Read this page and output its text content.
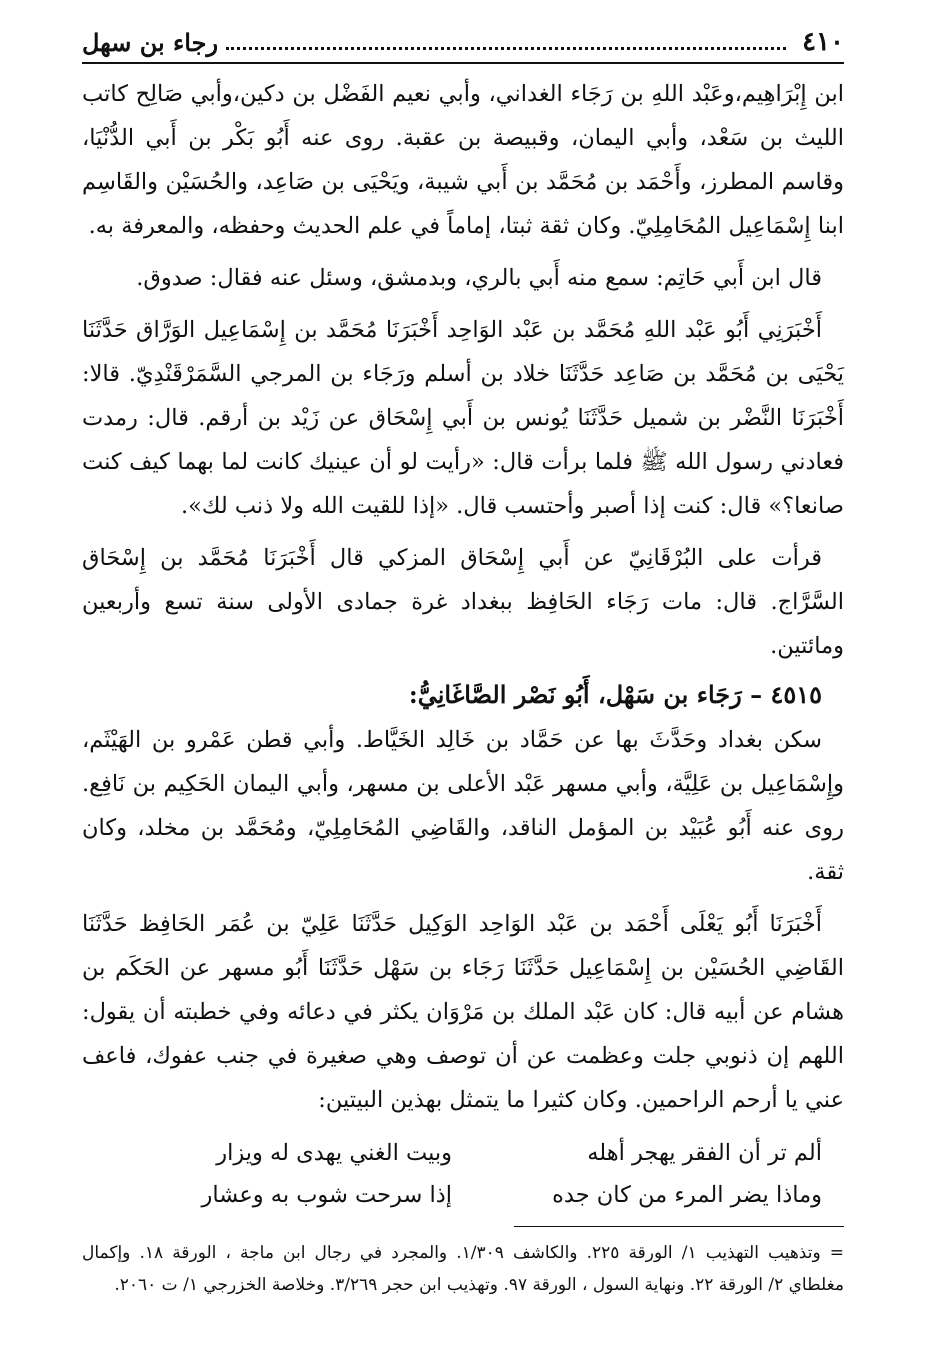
٤١٠
رجاء بن سهل

ابن إِبْرَاهِيم،وعَبْد اللهِ بن رَجَاء الغداني، وأبي نعيم الفَضْل بن دكين،وأبي صَالِح كاتب الليث بن سَعْد، وأبي اليمان، وقبيصة بن عقبة. روى عنه أَبُو بَكْر بن أَبي الدُّنْيَا، وقاسم المطرز، وأَحْمَد بن مُحَمَّد بن أَبي شيبة، ويَحْيَى بن صَاعِد، والحُسَيْن والقَاسِم ابنا إِسْمَاعِيل المُحَامِلِيّ. وكان ثقة ثبتا، إماماً في علم الحديث وحفظه، والمعرفة به.

قال ابن أَبي حَاتِم: سمع منه أَبي بالري، وبدمشق، وسئل عنه فقال: صدوق.

أَخْبَرَنِي أَبُو عَبْد اللهِ مُحَمَّد بن عَبْد الوَاحِد أَخْبَرَنَا مُحَمَّد بن إِسْمَاعِيل الوَرَّاق حَدَّثَنَا يَحْيَى بن مُحَمَّد بن صَاعِد حَدَّثَنَا خلاد بن أسلم ورَجَاء بن المرجي السَّمَرْقَنْدِيّ. قالا: أَخْبَرَنَا النَّضْر بن شميل حَدَّثَنَا يُونس بن أَبي إِسْحَاق عن زَيْد بن أرقم. قال: رمدت فعادني رسول الله ﷺ فلما برأت قال: «رأيت لو أن عينيك كانت لما بهما كيف كنت صانعا؟» قال: كنت إذا أصبر وأحتسب قال. «إذا للقيت الله ولا ذنب لك».

قرأت على البُرْقَانِيّ عن أَبي إِسْحَاق المزكي قال أَخْبَرَنَا مُحَمَّد بن إِسْحَاق السَّرَّاج. قال: مات رَجَاء الحَافِظ ببغداد غرة جمادى الأولى سنة تسع وأربعين ومائتين.

٤٥١٥ – رَجَاء بن سَهْل، أَبُو نَصْر الصَّاغَانِيُّ:

سكن بغداد وحَدَّثَ بها عن حَمَّاد بن خَالِد الخَيَّاط. وأبي قطن عَمْرو بن الهَيْثَم، وإِسْمَاعِيل بن عَلِيَّة، وأبي مسهر عَبْد الأعلى بن مسهر، وأبي اليمان الحَكِيم بن نَافِع. روى عنه أَبُو عُبَيْد بن المؤمل الناقد، والقَاضِي المُحَامِلِيّ، ومُحَمَّد بن مخلد، وكان ثقة.

أَخْبَرَنَا أَبُو يَعْلَى أَحْمَد بن عَبْد الوَاحِد الوَكِيل حَدَّثَنَا عَلِيّ بن عُمَر الحَافِظ حَدَّثَنَا القَاضِي الحُسَيْن بن إِسْمَاعِيل حَدَّثَنَا رَجَاء بن سَهْل حَدَّثَنَا أَبُو مسهر عن الحَكَم بن هشام عن أبيه قال: كان عَبْد الملك بن مَرْوَان يكثر في دعائه وفي خطبته أن يقول: اللهم إن ذنوبي جلت وعظمت عن أن توصف وهي صغيرة في جنب عفوك، فاعف عني يا أرحم الراحمين. وكان كثيرا ما يتمثل بهذين البيتين:

ألم تر أن الفقر يهجر أهله
وبيت الغني يهدى له ويزار
وماذا يضر المرء من كان جده
إذا سرحت شوب به وعشار

= وتذهيب التهذيب ١/ الورقة ٢٢٥. والكاشف ١/٣٠٩. والمجرد في رجال ابن ماجة ، الورقة ١٨. وإكمال مغلطاي ٢/ الورقة ٢٢. ونهاية السول ، الورقة ٩٧. وتهذيب ابن حجر ٣/٢٦٩. وخلاصة الخزرجي ١/ ت ٢٠٦٠.
